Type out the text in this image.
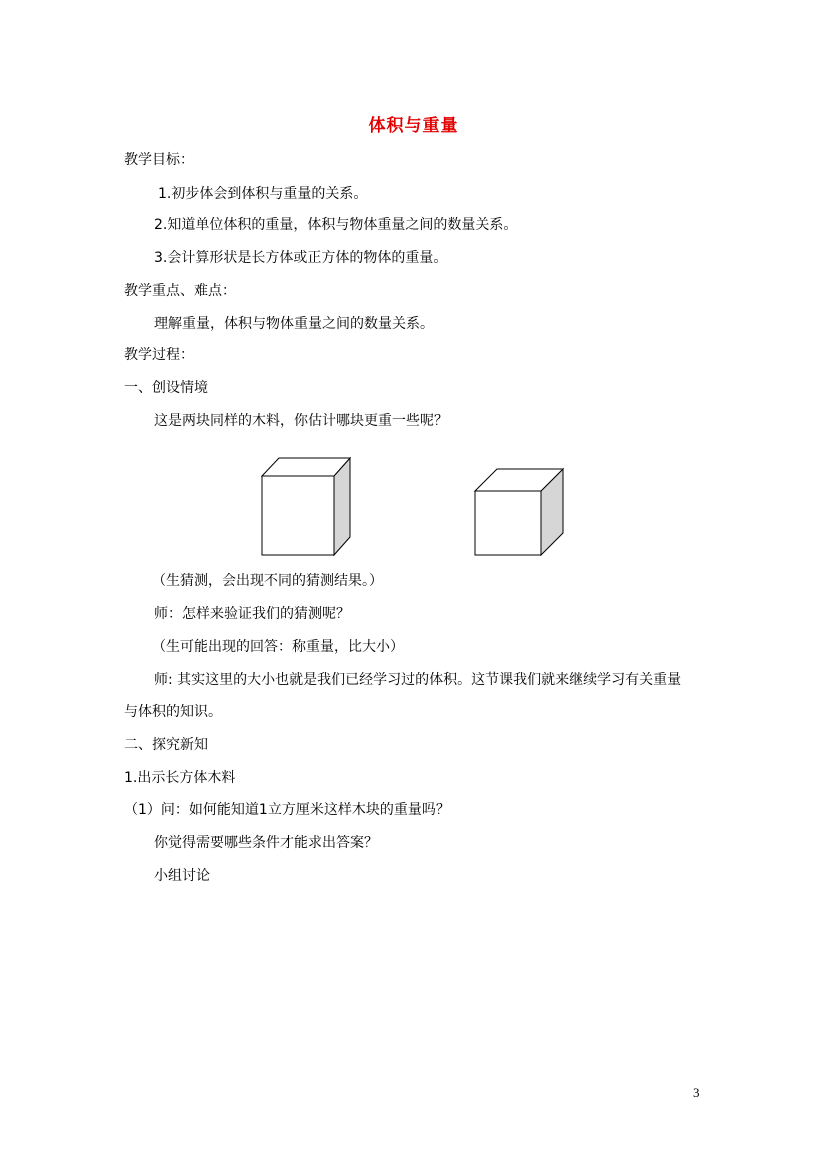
体积与重量
教学目标：
1.初步体会到体积与重量的关系。
2.知道单位体积的重量，体积与物体重量之间的数量关系。
3.会计算形状是长方体或正方体的物体的重量。
教学重点、难点：
理解重量，体积与物体重量之间的数量关系。
教学过程：
一、创设情境
这是两块同样的木料，你估计哪块更重一些呢？
（生猜测，会出现不同的猜测结果。）
师：怎样来验证我们的猜测呢？
（生可能出现的回答：称重量，比大小）
师: 其实这里的大小也就是我们已经学习过的体积。这节课我们就来继续学习有关重量
与体积的知识。
二、探究新知
1.出示长方体木料
（1）问：如何能知道1立方厘米这样木块的重量吗？
你觉得需要哪些条件才能求出答案？
小组讨论
3
